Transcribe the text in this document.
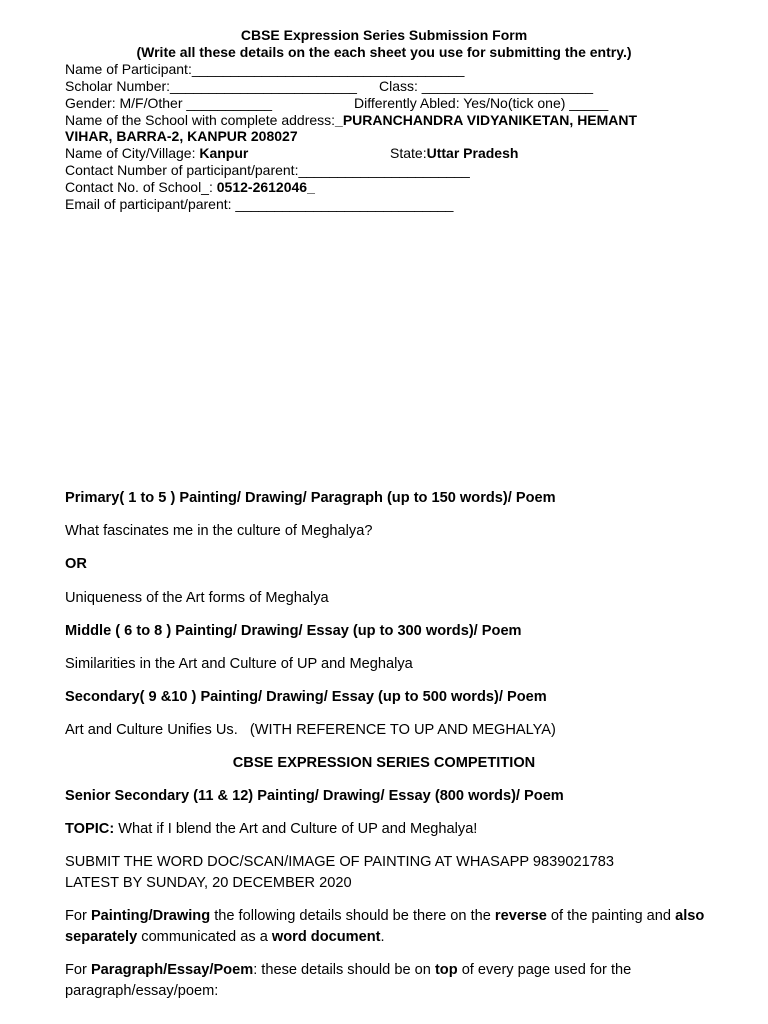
CBSE Expression Series Submission Form
(Write all these details on the each sheet you use for submitting the entry.)
Name of Participant:___________________________________
Scholar Number:________________________ Class: ______________________
Gender: M/F/Other ___________	Differently Abled: Yes/No(tick one) _____
Name of the School with complete address:_PURANCHANDRA VIDYANIKETAN, HEMANT
VIHAR, BARRA-2, KANPUR 208027
Name of City/Village: Kanpur	State:Uttar Pradesh
Contact Number of participant/parent:______________________
Contact No. of School_: 0512-2612046_
Email of participant/parent: ____________________________
Primary( 1 to 5 ) Painting/ Drawing/ Paragraph (up to 150 words)/ Poem
What fascinates me in the culture of Meghalya?
OR
Uniqueness of the Art forms of Meghalya
Middle ( 6 to 8 ) Painting/ Drawing/ Essay (up to 300 words)/ Poem
Similarities in the Art and Culture of UP and Meghalya
Secondary( 9 &10 ) Painting/ Drawing/ Essay (up to 500 words)/ Poem
Art and Culture Unifies Us.   (WITH REFERENCE TO UP AND MEGHALYA)
CBSE EXPRESSION SERIES COMPETITION
Senior Secondary (11 & 12) Painting/ Drawing/ Essay (800 words)/ Poem
TOPIC: What if I blend the Art and Culture of UP and Meghalya!
SUBMIT THE WORD DOC/SCAN/IMAGE OF PAINTING AT WHASAPP 9839021783
LATEST BY SUNDAY, 20 DECEMBER 2020
For Painting/Drawing the following details should be there on the reverse of the painting and also separately communicated as a word document.
For Paragraph/Essay/Poem: these details should be on top of every page used for the paragraph/essay/poem:
